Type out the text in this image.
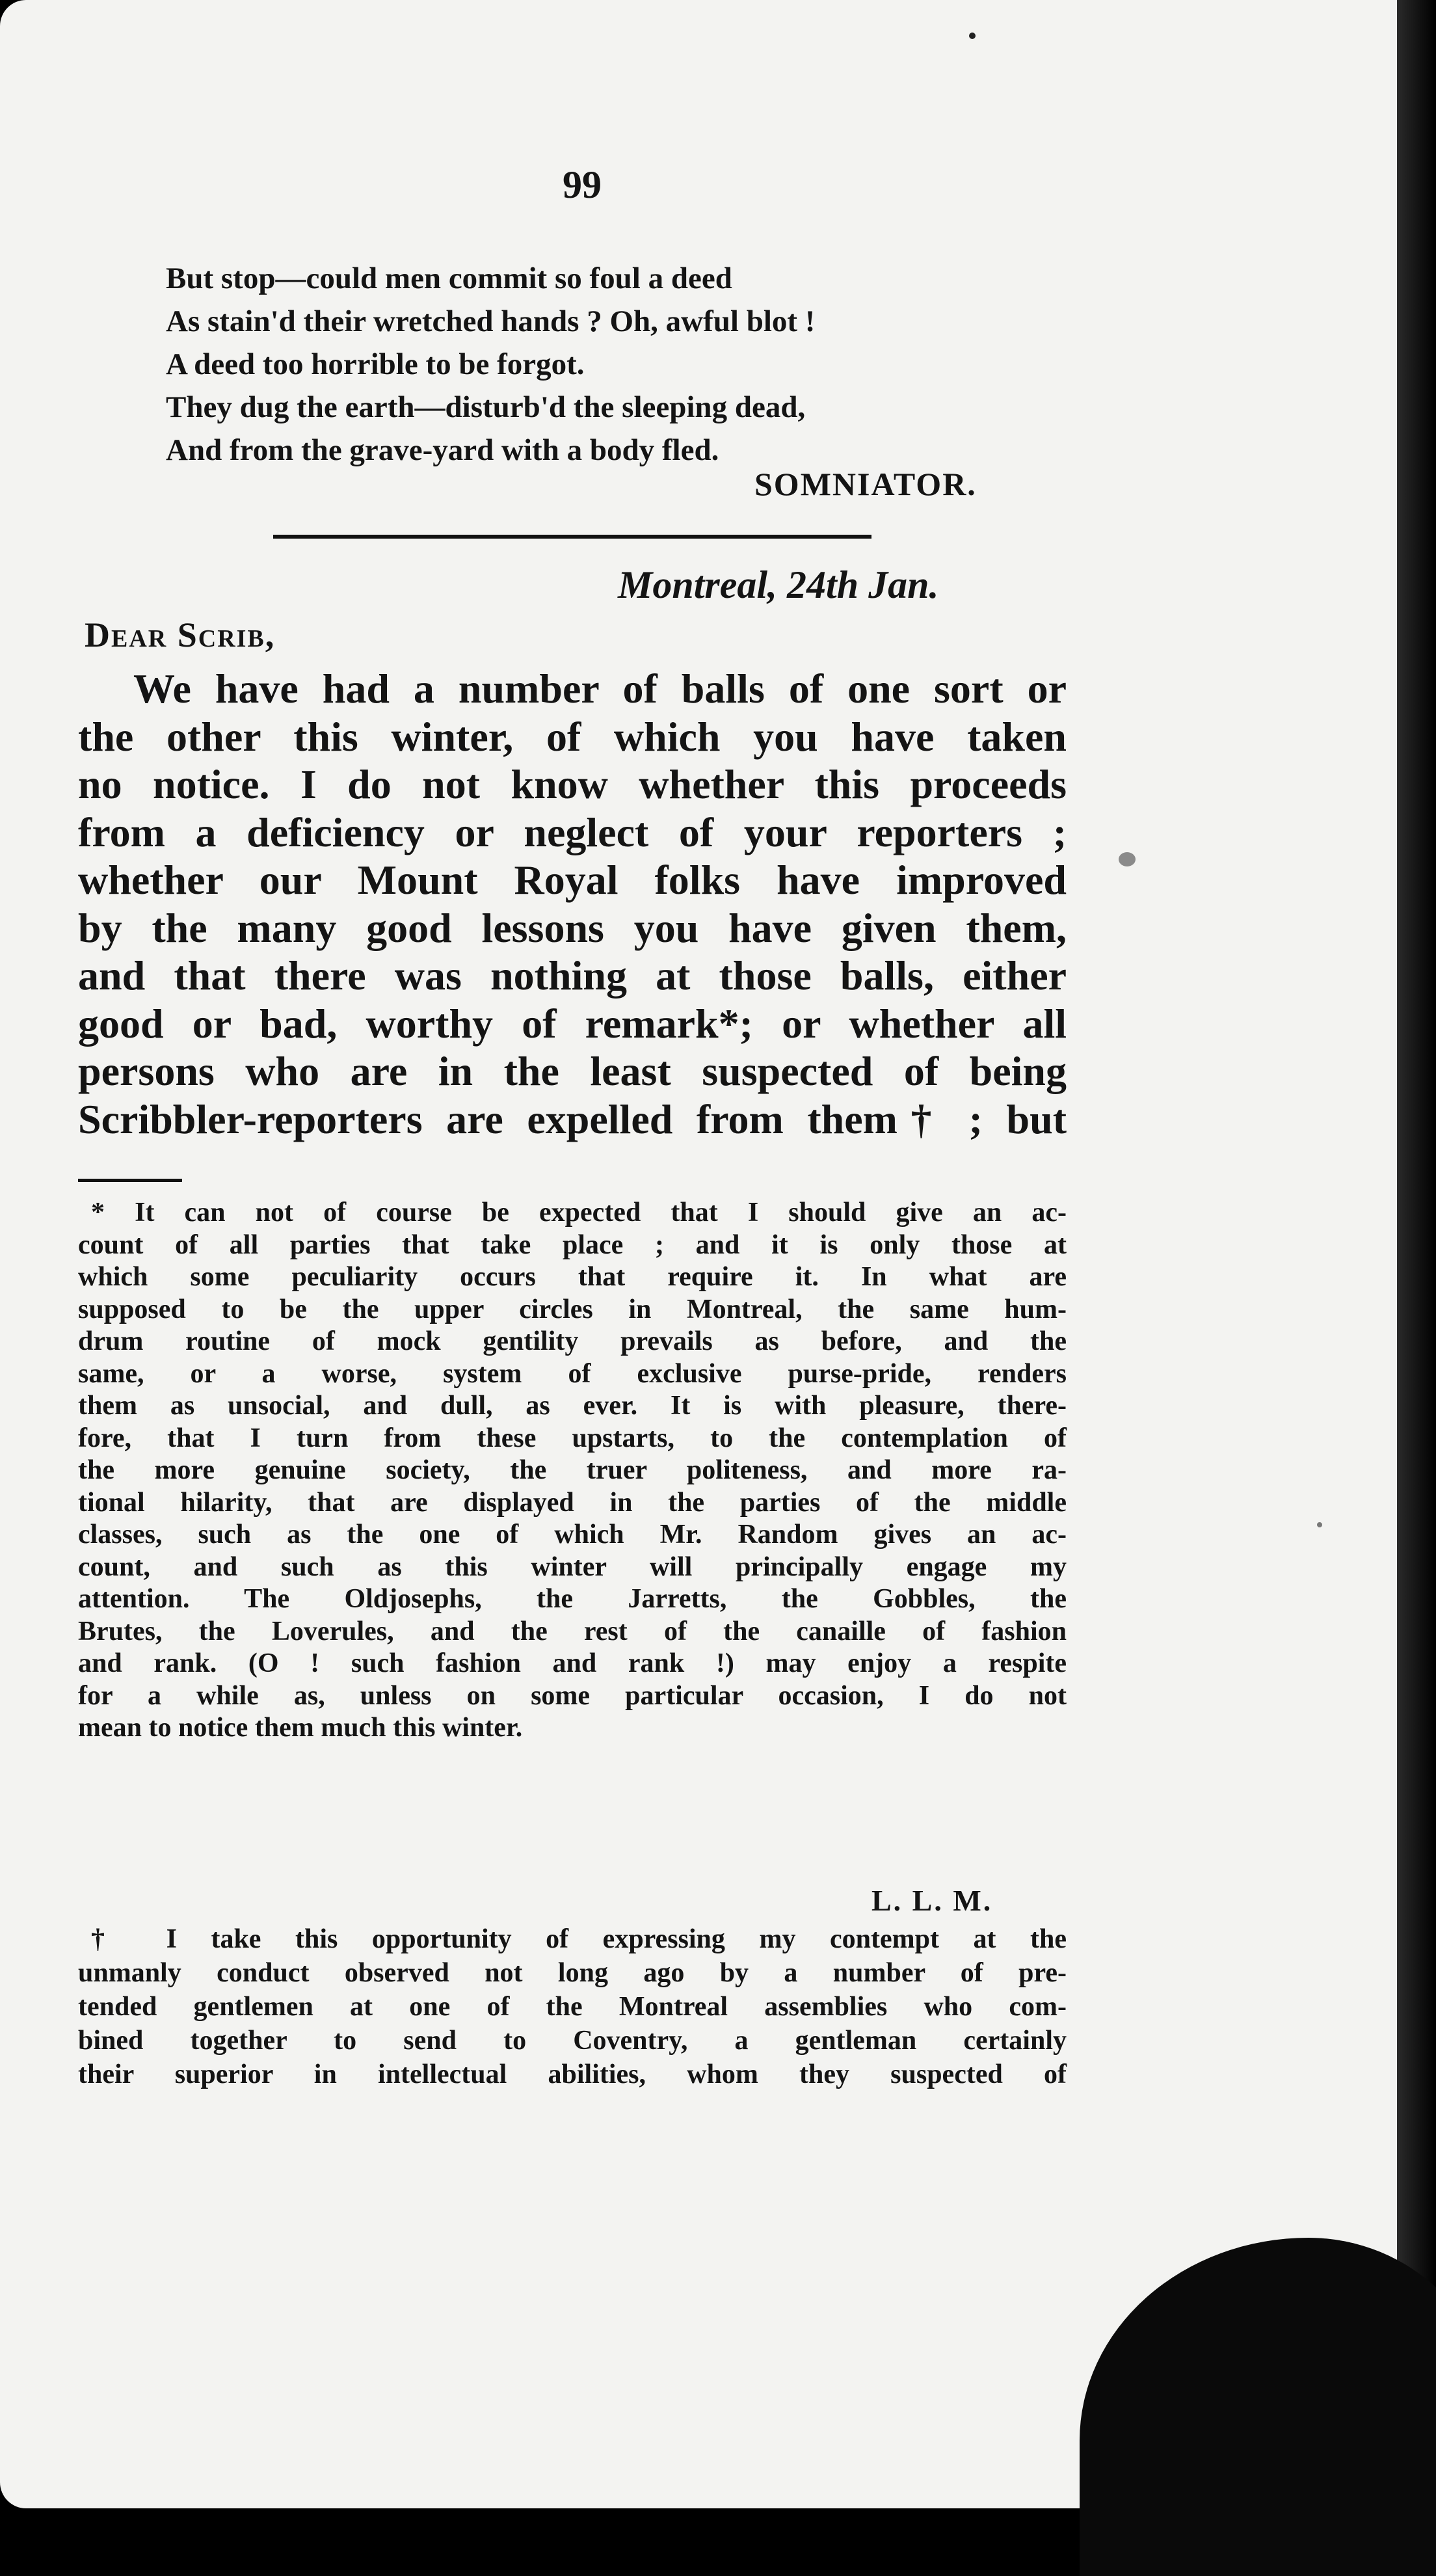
99
But stop—could men commit so foul a deed
As stain'd their wretched hands ? Oh, awful blot !
A deed too horrible to be forgot.
They dug the earth—disturb'd the sleeping dead,
And from the grave-yard with a body fled.
SOMNIATOR.
Montreal, 24th Jan.
Dear Scrib,
We have had a number of balls of one sort or
the other this winter, of which you have taken
no notice. I do not know whether this proceeds
from a deficiency or neglect of your reporters ;
whether our Mount Royal folks have improved
by the many good lessons you have given them,
and that there was nothing at those balls, either
good or bad, worthy of remark*; or whether all
persons who are in the least suspected of being
Scribbler-reporters are expelled from them† ; but
* It can not of course be expected that I should give an ac-
count of all parties that take place ; and it is only those at
which some peculiarity occurs that require it. In what are
supposed to be the upper circles in Montreal, the same hum-
drum routine of mock gentility prevails as before, and the
same, or a worse, system of exclusive purse-pride, renders
them as unsocial, and dull, as ever. It is with pleasure, there-
fore, that I turn from these upstarts, to the contemplation of
the more genuine society, the truer politeness, and more ra-
tional hilarity, that are displayed in the parties of the middle
classes, such as the one of which Mr. Random gives an ac-
count, and such as this winter will principally engage my
attention. The Oldjosephs, the Jarretts, the Gobbles, the
Brutes, the Loverules, and the rest of the canaille of fashion
and rank. (O ! such fashion and rank !) may enjoy a respite
for a while as, unless on some particular occasion, I do not
mean to notice them much this winter.
L. L. M.
† I take this opportunity of expressing my contempt at the
unmanly conduct observed not long ago by a number of pre-
tended gentlemen at one of the Montreal assemblies who com-
bined together to send to Coventry, a gentleman certainly
their superior in intellectual abilities, whom they suspected of
